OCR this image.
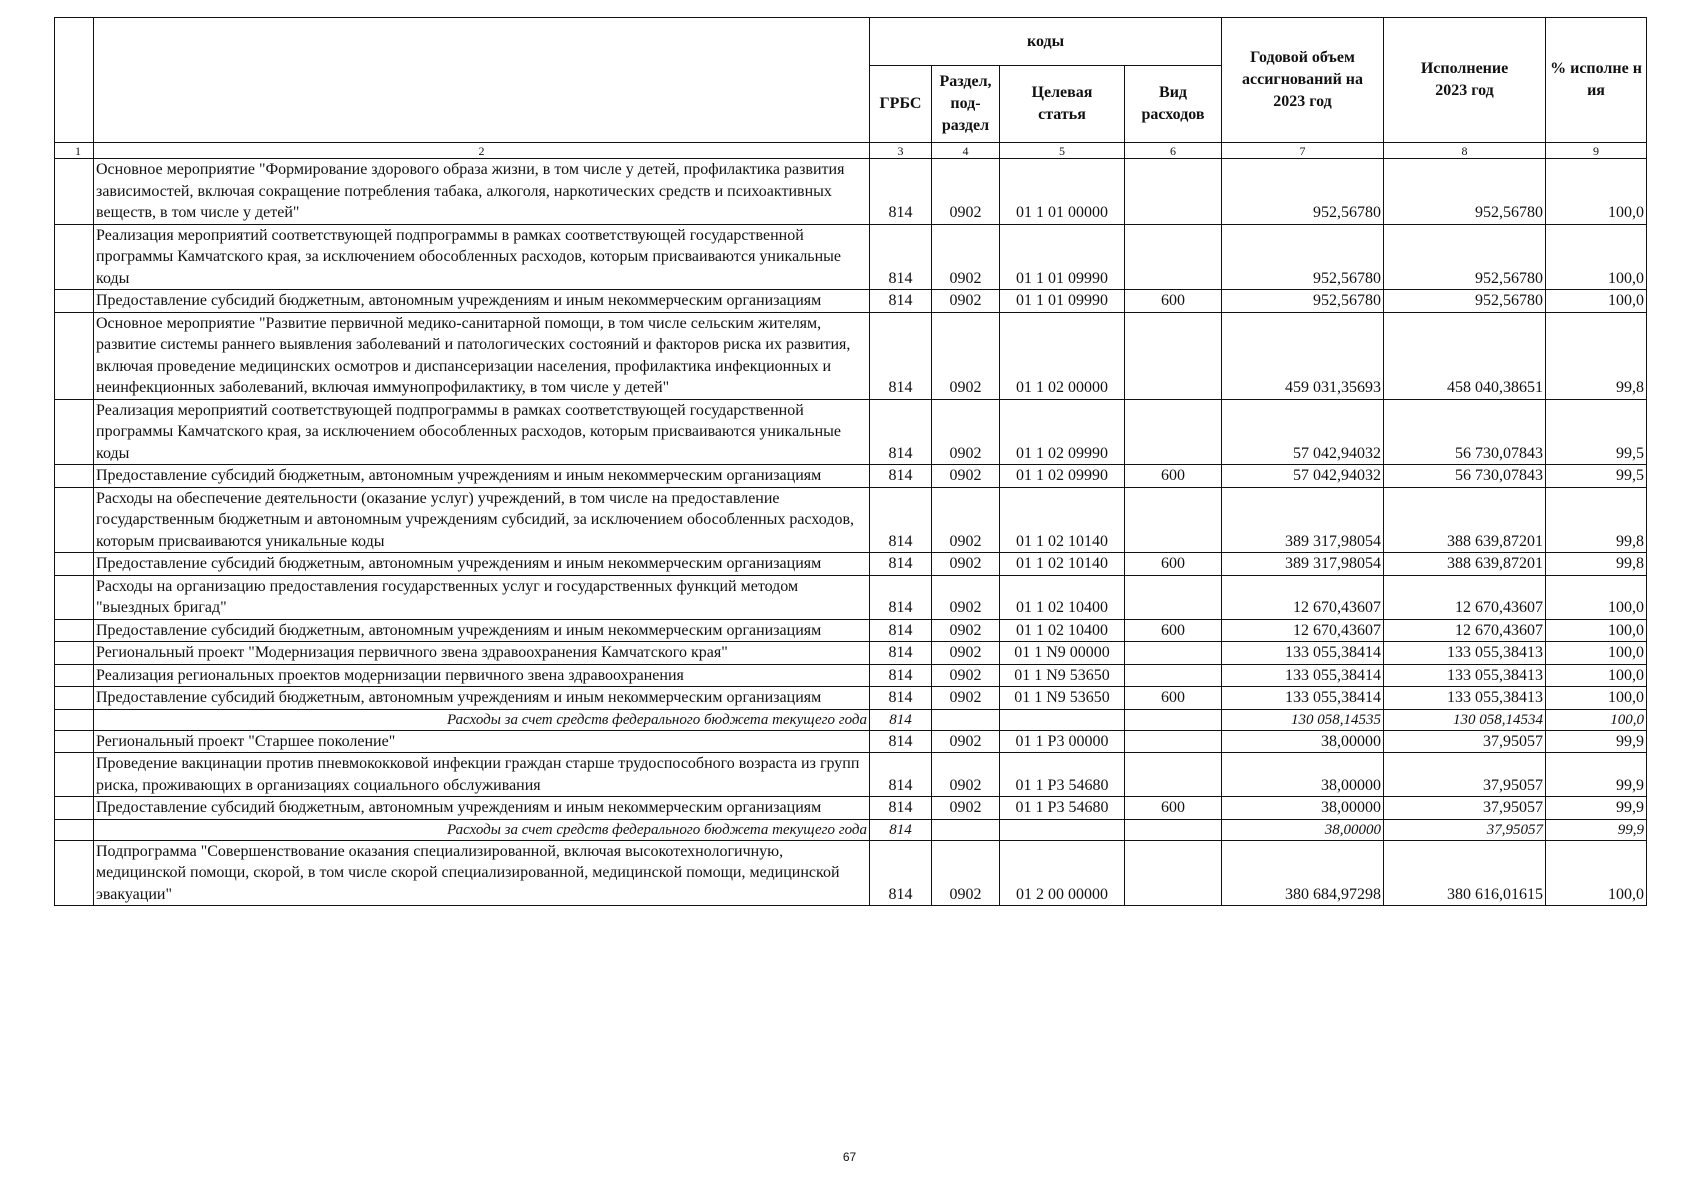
		коды				Годовой объем ассигнований на 2023 год	Исполнение 2023 год	% исполне ния
		ГРБС	Раздел, под-раздел	Целевая статья	Вид расходов			
1	2	3	4	5	6	7	8	9
	Основное мероприятие "Формирование здорового образа жизни, в том числе у детей, профилактика развития зависимостей, включая сокращение потребления табака, алкоголя, наркотических средств и психоактивных веществ, в том числе у детей"	814	0902	01 1 01 00000		952,56780	952,56780	100,0
	Реализация мероприятий соответствующей подпрограммы в рамках соответствующей государственной программы Камчатского края, за исключением обособленных расходов, которым присваиваются уникальные коды	814	0902	01 1 01 09990		952,56780	952,56780	100,0
	Предоставление субсидий бюджетным, автономным учреждениям и иным некоммерческим организациям	814	0902	01 1 01 09990	600	952,56780	952,56780	100,0
	Основное мероприятие "Развитие первичной медико-санитарной помощи, в том числе сельским жителям, развитие системы раннего выявления заболеваний и патологических состояний и факторов риска их развития, включая проведение медицинских осмотров и диспансеризации населения, профилактика инфекционных и неинфекционных заболеваний, включая иммунопрофилактику, в том числе у детей"	814	0902	01 1 02 00000		459 031,35693	458 040,38651	99,8
	Реализация мероприятий соответствующей подпрограммы в рамках соответствующей государственной программы Камчатского края, за исключением обособленных расходов, которым присваиваются уникальные коды	814	0902	01 1 02 09990		57 042,94032	56 730,07843	99,5
	Предоставление субсидий бюджетным, автономным учреждениям и иным некоммерческим организациям	814	0902	01 1 02 09990	600	57 042,94032	56 730,07843	99,5
	Расходы на обеспечение деятельности (оказание услуг) учреждений, в том числе на предоставление государственным бюджетным и автономным учреждениям субсидий, за исключением обособленных расходов, которым присваиваются уникальные коды	814	0902	01 1 02 10140		389 317,98054	388 639,87201	99,8
	Предоставление субсидий бюджетным, автономным учреждениям и иным некоммерческим организациям	814	0902	01 1 02 10140	600	389 317,98054	388 639,87201	99,8
	Расходы на организацию предоставления государственных услуг и государственных функций методом "выездных бригад"	814	0902	01 1 02 10400		12 670,43607	12 670,43607	100,0
	Предоставление субсидий бюджетным, автономным учреждениям и иным некоммерческим организациям	814	0902	01 1 02 10400	600	12 670,43607	12 670,43607	100,0
	Региональный проект "Модернизация первичного звена здравоохранения Камчатского края"	814	0902	01 1 N9 00000		133 055,38414	133 055,38413	100,0
	Реализация региональных проектов модернизации первичного звена здравоохранения	814	0902	01 1 N9 53650		133 055,38414	133 055,38413	100,0
	Предоставление субсидий бюджетным, автономным учреждениям и иным некоммерческим организациям	814	0902	01 1 N9 53650	600	133 055,38414	133 055,38413	100,0
	Расходы за счет средств федерального бюджета текущего года	814				130 058,14535	130 058,14534	100,0
	Региональный проект "Старшее поколение"	814	0902	01 1 P3 00000		38,00000	37,95057	99,9
	Проведение вакцинации против пневмококковой инфекции граждан старше трудоспособного возраста из групп риска, проживающих в организациях социального обслуживания	814	0902	01 1 P3 54680		38,00000	37,95057	99,9
	Предоставление субсидий бюджетным, автономным учреждениям и иным некоммерческим организациям	814	0902	01 1 P3 54680	600	38,00000	37,95057	99,9
	Расходы за счет средств федерального бюджета текущего года	814				38,00000	37,95057	99,9
	Подпрограмма "Совершенствование оказания специализированной, включая высокотехнологичную, медицинской помощи, скорой, в том числе скорой специализированной, медицинской помощи, медицинской эвакуации"	814	0902	01 2 00 00000		380 684,97298	380 616,01615	100,0
67
